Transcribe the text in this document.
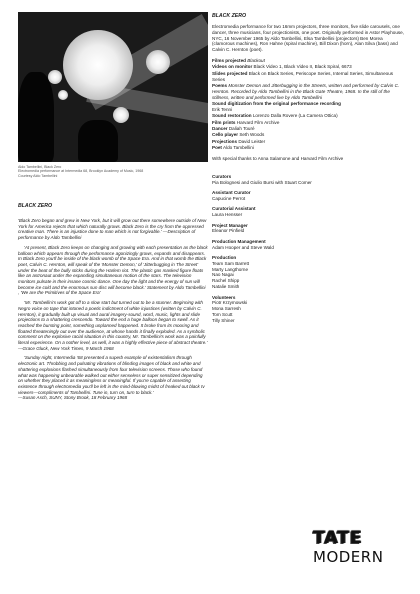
Aldo Tambellini, Black Zero
Electromedia performance at Intermedia 68, Brooklyn Academy of Music, 1968
Courtesy Aldo Tambellini
BLACK ZERO

'Black Zero began and grew in New York, but it will grow out there somewhere outside of New York for America rejects that which naturally grows. Black Zero is the cry from the oppressed creative man. There is an injustice done to man which is not forgivable.' —Description of performance by Aldo Tambellini

'At present, Black Zero keeps on changing and growing with each presentation as the black balloon which appears through the performance agonizingly grows, expands and disappears. In Black Zero you'll be inside of the black womb of the Space Era. And in that womb the Black poet, Calvin C. Hernton, will speak of the 'Monster Demon,' of 'Jitterbugging in The Street' under the beat of the bully sticks during the Harlem riot. The plastic gas masked figure floats like an astronaut under the expanding simultaneous motion of the stars. The television monitors pulsate in their insane cosmic dance. One day the light and the energy of sun will become ice cold and the enormous sun disc will become black.' Statement by Aldo Tambellini , 'We are the Primitives of the Space Era'

'Mr. Tambellini's work got off to a slow start but turned out to be a stunner. Beginning with Negro voice on tape that intoned a poetic indictment of white injustices (written by Calvin C. Hernton), it gradually built up visual and aural imagery-sound, word, music, lights and slide projections to a shattering crescendo. Toward the end a huge balloon began to swell. As it reached the bursting point, something unplanned happened. It broke from its mooring and floated threateningly out over the audience, at whose hands it finally exploded. As a symbolic comment on the explosive racial situation in this country, Mr. Tambellini's work was a painfully literal experience. On a nother level, as well, it was a highly effective piece of abstract theatre.' —Grace Gluck, New York Times, 9 March 1968

'Sunday night, Intermedia '68 presented a superb example of existentialism through electronic art. Throbbing and pulsating vibrations of blinding images of black and white and shattering explosions flashed simultaneously from four television screens. Those who found what was happening unbearable walked out either senseless or super sensitized depending on whether they placed it as meaningless or meaningful. If you're capable of asserting existence through electromedia you'll be left in the mind-blowing midst of freaked out black tv viewers—compliments of Tambellini. Tune in, turn on, turn to black.'

—Susan Asch, SUNY, Stony Brook, 18 February 1968

BLACK ZERO

Electromedia performance for two 16mm projectors, three monitors, five slide carousels, one dancer, three musicians, four projectionists, one poet. Originally performed in Astor Playhouse, NYC, 16 November 1965 by Aldo Tambellini, Elsa Tambellini (projectors) Ben Morea (clamorous machines), Ron Hahne (spiral machine), Bill Dixon (horn), Alan Silva (bass) and Calvin C. Hernton (poet).

Films projected Blackout
Videos on monitor Black Video 1, Black Video II, Black Spiral, 6673
Slides projected Black on Black Series, Periscope Series, Internal Series, Simultaneous Series
Poems Monster Demon and Jitterbugging in the Streets, written and performed by Calvin C. Hernton. Recorded by Aldo Tambellini in the Black Gate Theatre, 1968. In the still of the stillness, written and performed live by Aldo Tambellini
Sound digitization from the original performance recording
Erik Tenni
Sound restoration Lorenzo Dalla Rovere (La Camera Ottica)
Film prints Harvard Film Archive
Dancer Daliah Touré
Cello player Seth Woods
Projections David Leister
Poet Aldo Tambellini
With special thanks to Anna Salamone and Harvard Film Archive
Curators
Pia Bolognesi and Giulio Bursi with Stuart Comer
Assistant Curator
Capucine Perrot
Curatorial Assistant
Laura Hensser
Project Manager
Eleanor Pinfield
Production Management
Adam Hooper and Steve Wald
Production
Team Sam Barrett
Marty Langthorne
Nao Nagai
Rachel Shipp
Natalie Smith
Volunteers
Piotr Krzymowski
Mona Sarresh
Tom Scutt
Tilly Shiner
TATE
MODERN
